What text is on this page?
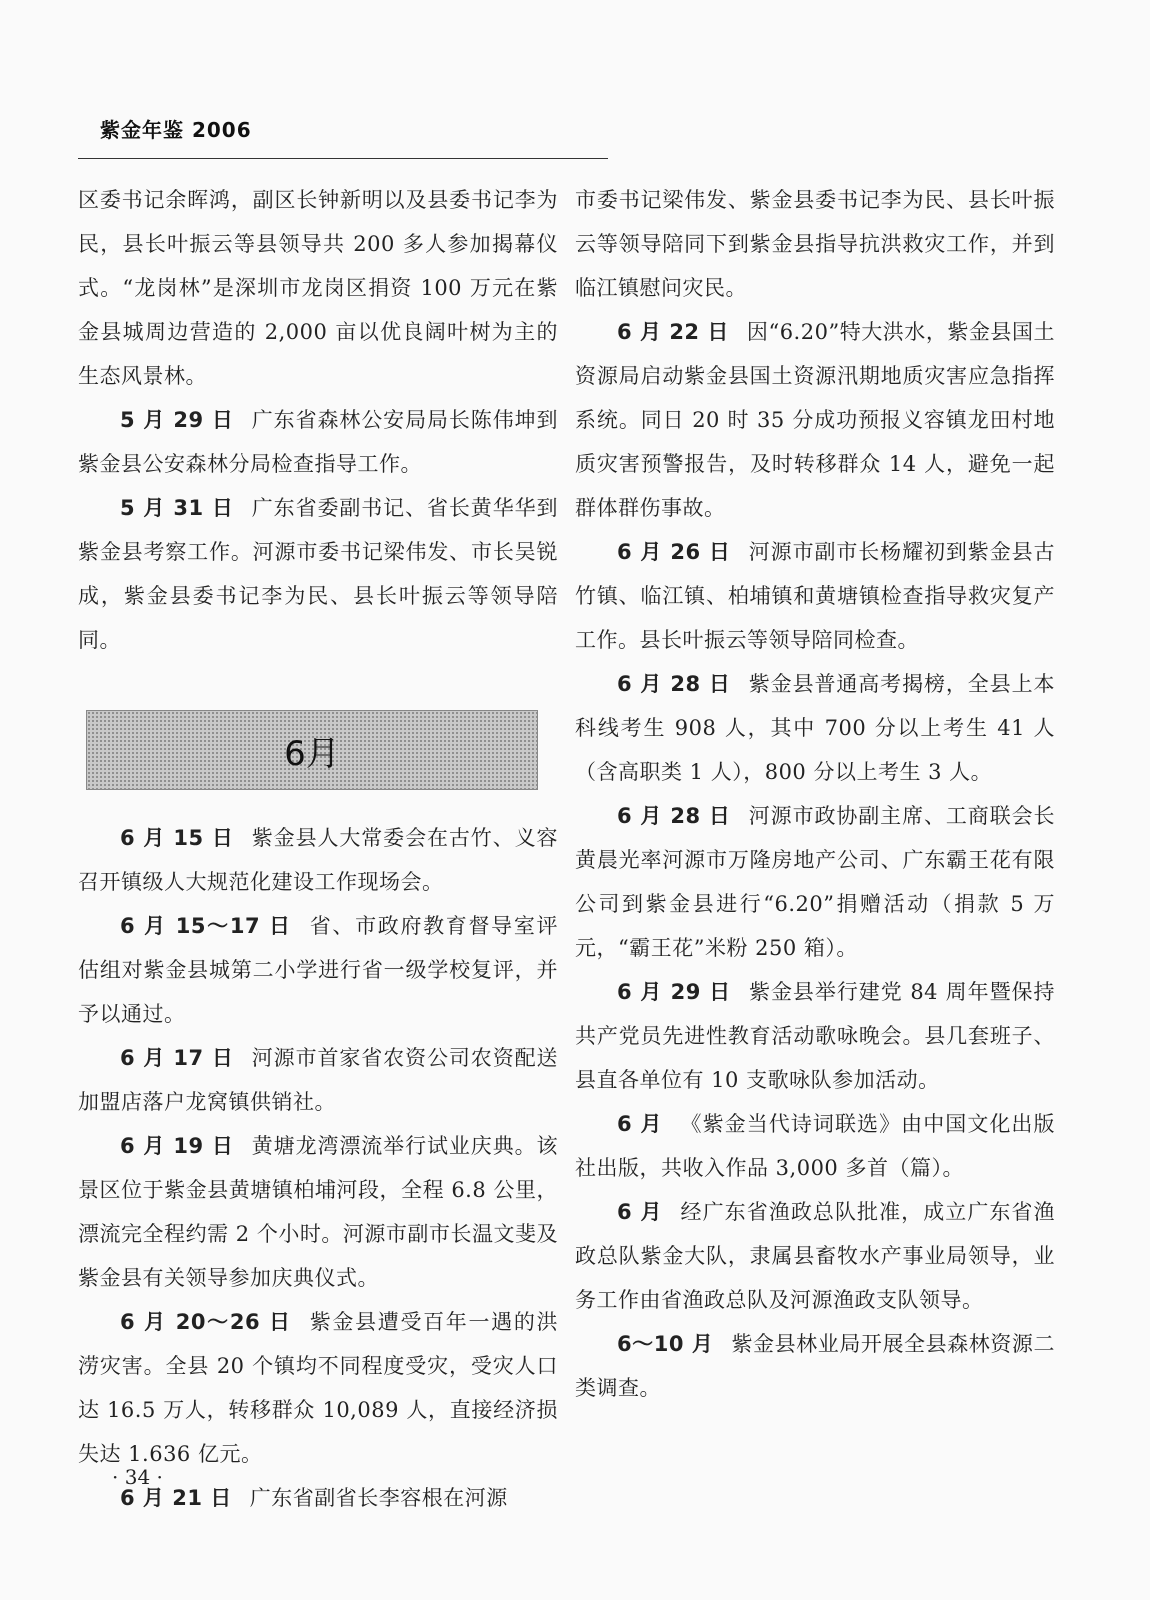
紫金年鉴 2006

区委书记余晖鸿，副区长钟新明以及县委书记李为民，县长叶振云等县领导共 200 多人参加揭幕仪式。“龙岗林”是深圳市龙岗区捐资 100 万元在紫金县城周边营造的 2,000 亩以优良阔叶树为主的生态风景林。

5 月 29 日 广东省森林公安局局长陈伟坤到紫金县公安森林分局检查指导工作。

5 月 31 日 广东省委副书记、省长黄华华到紫金县考察工作。河源市委书记梁伟发、市长吴锐成，紫金县委书记李为民、县长叶振云等领导陪同。

6月

6 月 15 日 紫金县人大常委会在古竹、义容召开镇级人大规范化建设工作现场会。

6 月 15～17 日 省、市政府教育督导室评估组对紫金县城第二小学进行省一级学校复评，并予以通过。

6 月 17 日 河源市首家省农资公司农资配送加盟店落户龙窝镇供销社。

6 月 19 日 黄塘龙湾漂流举行试业庆典。该景区位于紫金县黄塘镇柏埔河段，全程 6.8 公里，漂流完全程约需 2 个小时。河源市副市长温文斐及紫金县有关领导参加庆典仪式。

6 月 20～26 日 紫金县遭受百年一遇的洪涝灾害。全县 20 个镇均不同程度受灾，受灾人口达 16.5 万人，转移群众 10,089 人，直接经济损失达 1.636 亿元。

6 月 21 日 广东省副省长李容根在河源

市委书记梁伟发、紫金县委书记李为民、县长叶振云等领导陪同下到紫金县指导抗洪救灾工作，并到临江镇慰问灾民。

6 月 22 日 因“6.20”特大洪水，紫金县国土资源局启动紫金县国土资源汛期地质灾害应急指挥系统。同日 20 时 35 分成功预报义容镇龙田村地质灾害预警报告，及时转移群众 14 人，避免一起群体群伤事故。

6 月 26 日 河源市副市长杨耀初到紫金县古竹镇、临江镇、柏埔镇和黄塘镇检查指导救灾复产工作。县长叶振云等领导陪同检查。

6 月 28 日 紫金县普通高考揭榜，全县上本科线考生 908 人，其中 700 分以上考生 41 人（含高职类 1 人），800 分以上考生 3 人。

6 月 28 日 河源市政协副主席、工商联会长黄晨光率河源市万隆房地产公司、广东霸王花有限公司到紫金县进行“6.20”捐赠活动（捐款 5 万元，“霸王花”米粉 250 箱）。

6 月 29 日 紫金县举行建党 84 周年暨保持共产党员先进性教育活动歌咏晚会。县几套班子、县直各单位有 10 支歌咏队参加活动。

6 月 《紫金当代诗词联选》由中国文化出版社出版，共收入作品 3,000 多首（篇）。

6 月 经广东省渔政总队批准，成立广东省渔政总队紫金大队，隶属县畜牧水产事业局领导，业务工作由省渔政总队及河源渔政支队领导。

6～10 月 紫金县林业局开展全县森林资源二类调查。

· 34 ·
